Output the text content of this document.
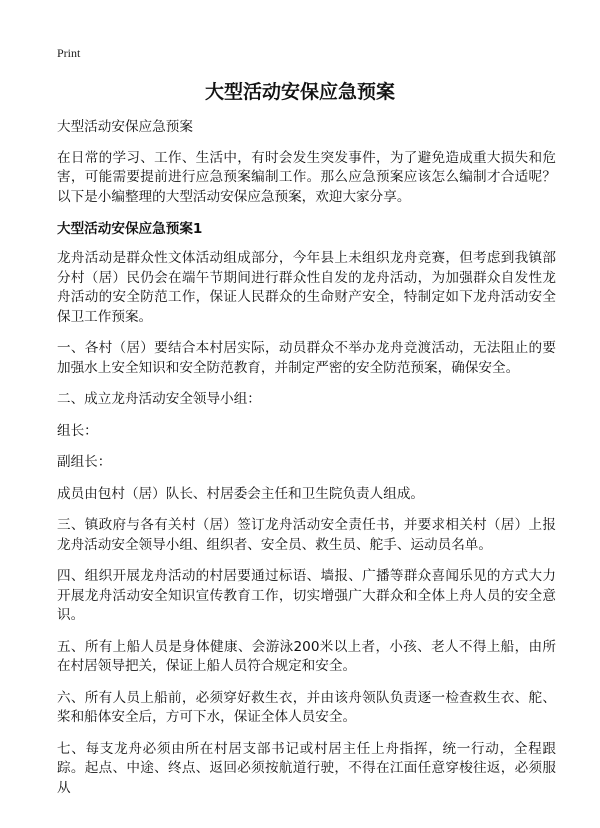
Print
大型活动安保应急预案

大型活动安保应急预案

在日常的学习、工作、生活中，有时会发生突发事件，为了避免造成重大损失和危害，可能需要提前进行应急预案编制工作。那么应急预案应该怎么编制才合适呢？以下是小编整理的大型活动安保应急预案，欢迎大家分享。

大型活动安保应急预案1

龙舟活动是群众性文体活动组成部分，今年县上未组织龙舟竞赛，但考虑到我镇部分村（居）民仍会在端午节期间进行群众性自发的龙舟活动，为加强群众自发性龙舟活动的安全防范工作，保证人民群众的生命财产安全，特制定如下龙舟活动安全保卫工作预案。

一、各村（居）要结合本村居实际，动员群众不举办龙舟竞渡活动，无法阻止的要加强水上安全知识和安全防范教育，并制定严密的安全防范预案，确保安全。

二、成立龙舟活动安全领导小组：

组长：

副组长：

成员由包村（居）队长、村居委会主任和卫生院负责人组成。

三、镇政府与各有关村（居）签订龙舟活动安全责任书，并要求相关村（居）上报龙舟活动安全领导小组、组织者、安全员、救生员、舵手、运动员名单。

四、组织开展龙舟活动的村居要通过标语、墙报、广播等群众喜闻乐见的方式大力开展龙舟活动安全知识宣传教育工作，切实增强广大群众和全体上舟人员的安全意识。

五、所有上船人员是身体健康、会游泳200米以上者，小孩、老人不得上船，由所在村居领导把关，保证上船人员符合规定和安全。

六、所有人员上船前，必须穿好救生衣，并由该舟领队负责逐一检查救生衣、舵、桨和船体安全后，方可下水，保证全体人员安全。

七、每支龙舟必须由所在村居支部书记或村居主任上舟指挥，统一行动，全程跟踪。起点、中途、终点、返回必须按航道行驶，不得在江面任意穿梭往返，必须服从
